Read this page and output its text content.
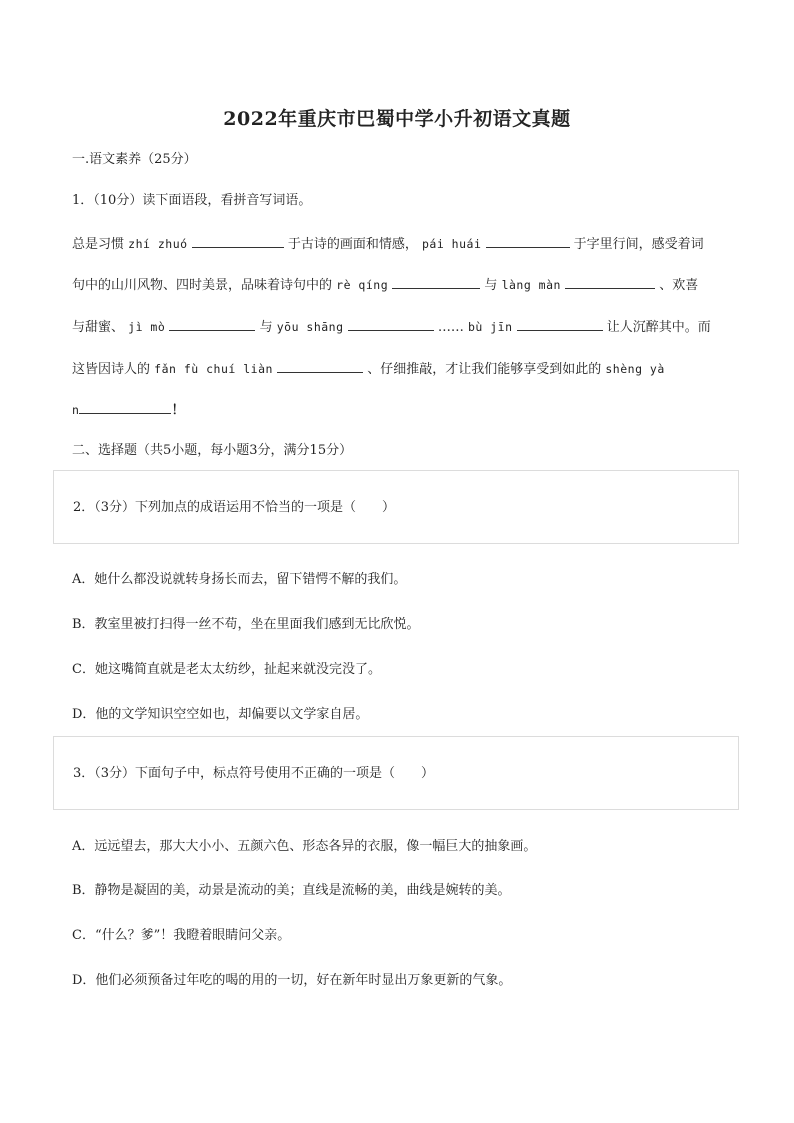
2022年重庆市巴蜀中学小升初语文真题
一.语文素养（25分）
1．（10分）读下面语段，看拼音写词语。
总是习惯 zhí zhuó	于古诗的画面和情感， pái huái	于字里行间，感受着词
句中的山川风物、四时美景，品味着诗句中的 rè qíng	与 làng màn	、欢喜
与甜蜜、 jì mò	与 yōu shāng	…… bù jīn	让人沉醉其中。而
这皆因诗人的 fǎn fù chuí liàn	、仔细推敲，才让我们能够享受到如此的 shèng yà
n	！
二、选择题（共5小题，每小题3分，满分15分）
2．（3分）下列加点的成语运用不恰当的一项是（　　）
A．她什么都没说就转身扬长而去，留下错愕不解的我们。
B．教室里被打扫得一丝不苟，坐在里面我们感到无比欣悦。
C．她这嘴简直就是老太太纺纱，扯起来就没完没了。
D．他的文学知识空空如也，却偏要以文学家自居。
3．（3分）下面句子中，标点符号使用不正确的一项是（　　）
A．远远望去，那大大小小、五颜六色、形态各异的衣服，像一幅巨大的抽象画。
B．静物是凝固的美，动景是流动的美；直线是流畅的美，曲线是婉转的美。
C．“什么？爹”！我瞪着眼睛问父亲。
D．他们必须预备过年吃的喝的用的一切，好在新年时显出万象更新的气象。
